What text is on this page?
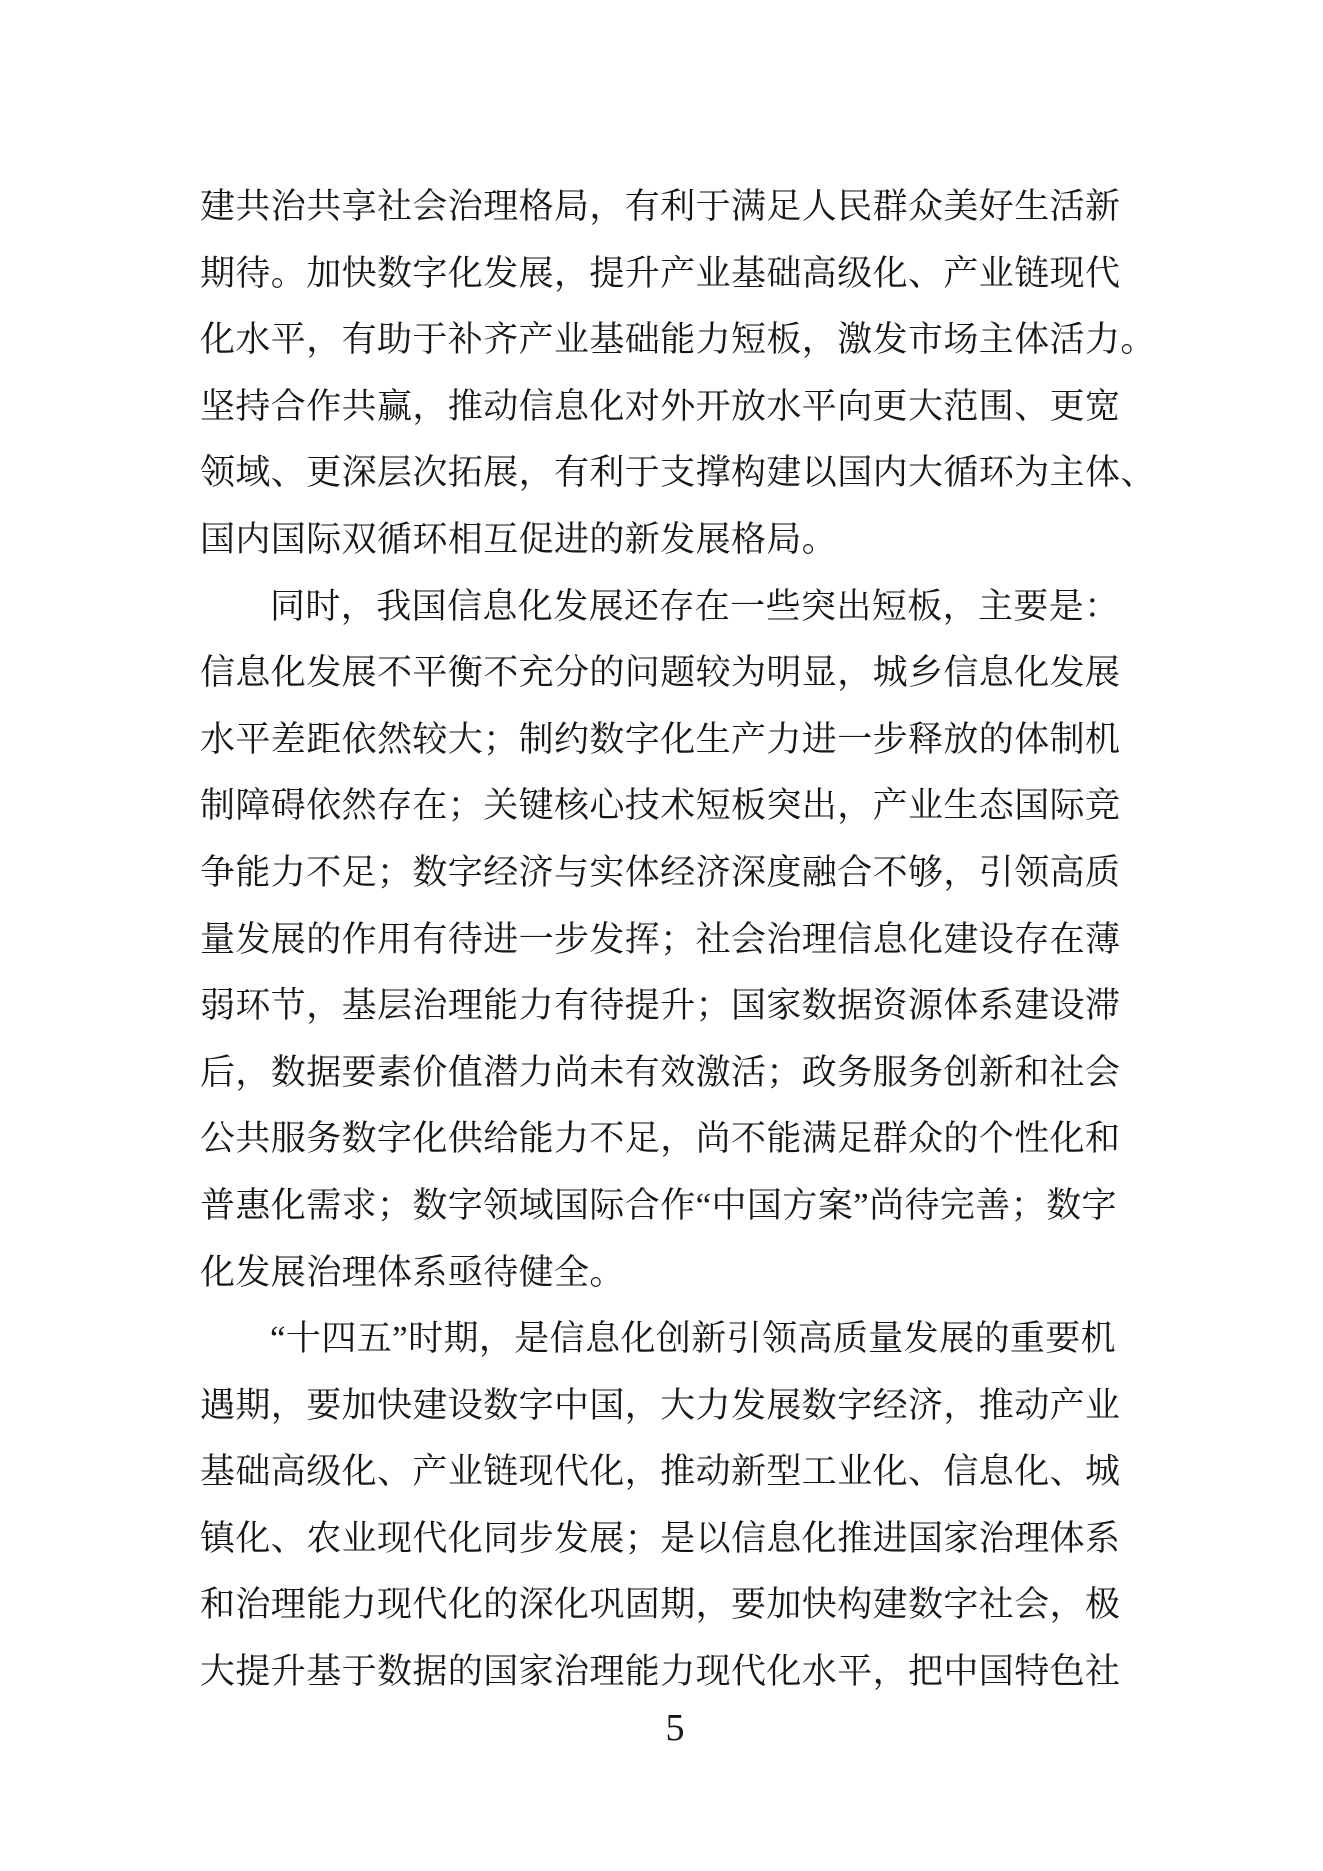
建共治共享社会治理格局，有利于满足人民群众美好生活新
期待。加快数字化发展，提升产业基础高级化、产业链现代
化水平，有助于补齐产业基础能力短板，激发市场主体活力。
坚持合作共赢，推动信息化对外开放水平向更大范围、更宽
领域、更深层次拓展，有利于支撑构建以国内大循环为主体、
国内国际双循环相互促进的新发展格局。
同时，我国信息化发展还存在一些突出短板，主要是：
信息化发展不平衡不充分的问题较为明显，城乡信息化发展
水平差距依然较大；制约数字化生产力进一步释放的体制机
制障碍依然存在；关键核心技术短板突出，产业生态国际竞
争能力不足；数字经济与实体经济深度融合不够，引领高质
量发展的作用有待进一步发挥；社会治理信息化建设存在薄
弱环节，基层治理能力有待提升；国家数据资源体系建设滞
后，数据要素价值潜力尚未有效激活；政务服务创新和社会
公共服务数字化供给能力不足，尚不能满足群众的个性化和
普惠化需求；数字领域国际合作“中国方案”尚待完善；数字
化发展治理体系亟待健全。
“十四五”时期，是信息化创新引领高质量发展的重要机
遇期，要加快建设数字中国，大力发展数字经济，推动产业
基础高级化、产业链现代化，推动新型工业化、信息化、城
镇化、农业现代化同步发展；是以信息化推进国家治理体系
和治理能力现代化的深化巩固期，要加快构建数字社会，极
大提升基于数据的国家治理能力现代化水平，把中国特色社
5
